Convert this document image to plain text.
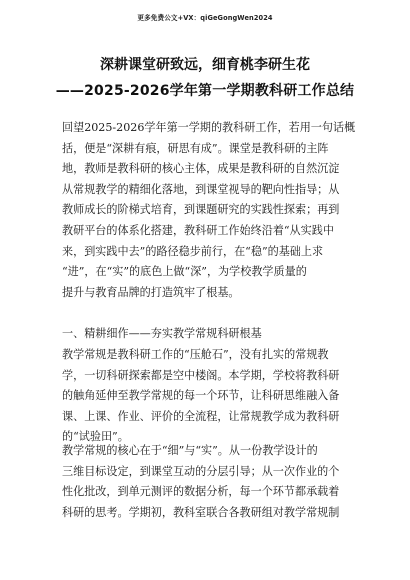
更多免费公文+VX：qiGeGongWen2024
深耕课堂研致远，细育桃李研生花
——2025-2026学年第一学期教科研工作总结
回望2025-2026学年第一学期的教科研工作，若用一句话概
括，便是“深耕有痕，研思有成”。课堂是教科研的主阵
地，教师是教科研的核心主体，成果是教科研的自然沉淀
从常规教学的精细化落地，到课堂视导的靶向性指导；从
教师成长的阶梯式培育，到课题研究的实践性探索；再到
教研平台的体系化搭建，教科研工作始终沿着“从实践中
来，到实践中去”的路径稳步前行，在“稳”的基础上求
“进”，在“实”的底色上做“深”，为学校教学质量的
提升与教育品牌的打造筑牢了根基。
一、精耕细作——夯实教学常规科研根基
教学常规是教科研工作的“压舱石”，没有扎实的常规教
学，一切科研探索都是空中楼阁。本学期，学校将教科研
的触角延伸至教学常规的每一个环节，让科研思维融入备
课、上课、作业、评价的全流程，让常规教学成为教科研
的“试验田”。
教学常规的核心在于“细”与“实”。从一份教学设计的
三维目标设定，到课堂互动的分层引导；从一次作业的个
性化批改，到单元测评的数据分析，每一个环节都承载着
科研的思考。学期初，教科室联合各教研组对教学常规制
